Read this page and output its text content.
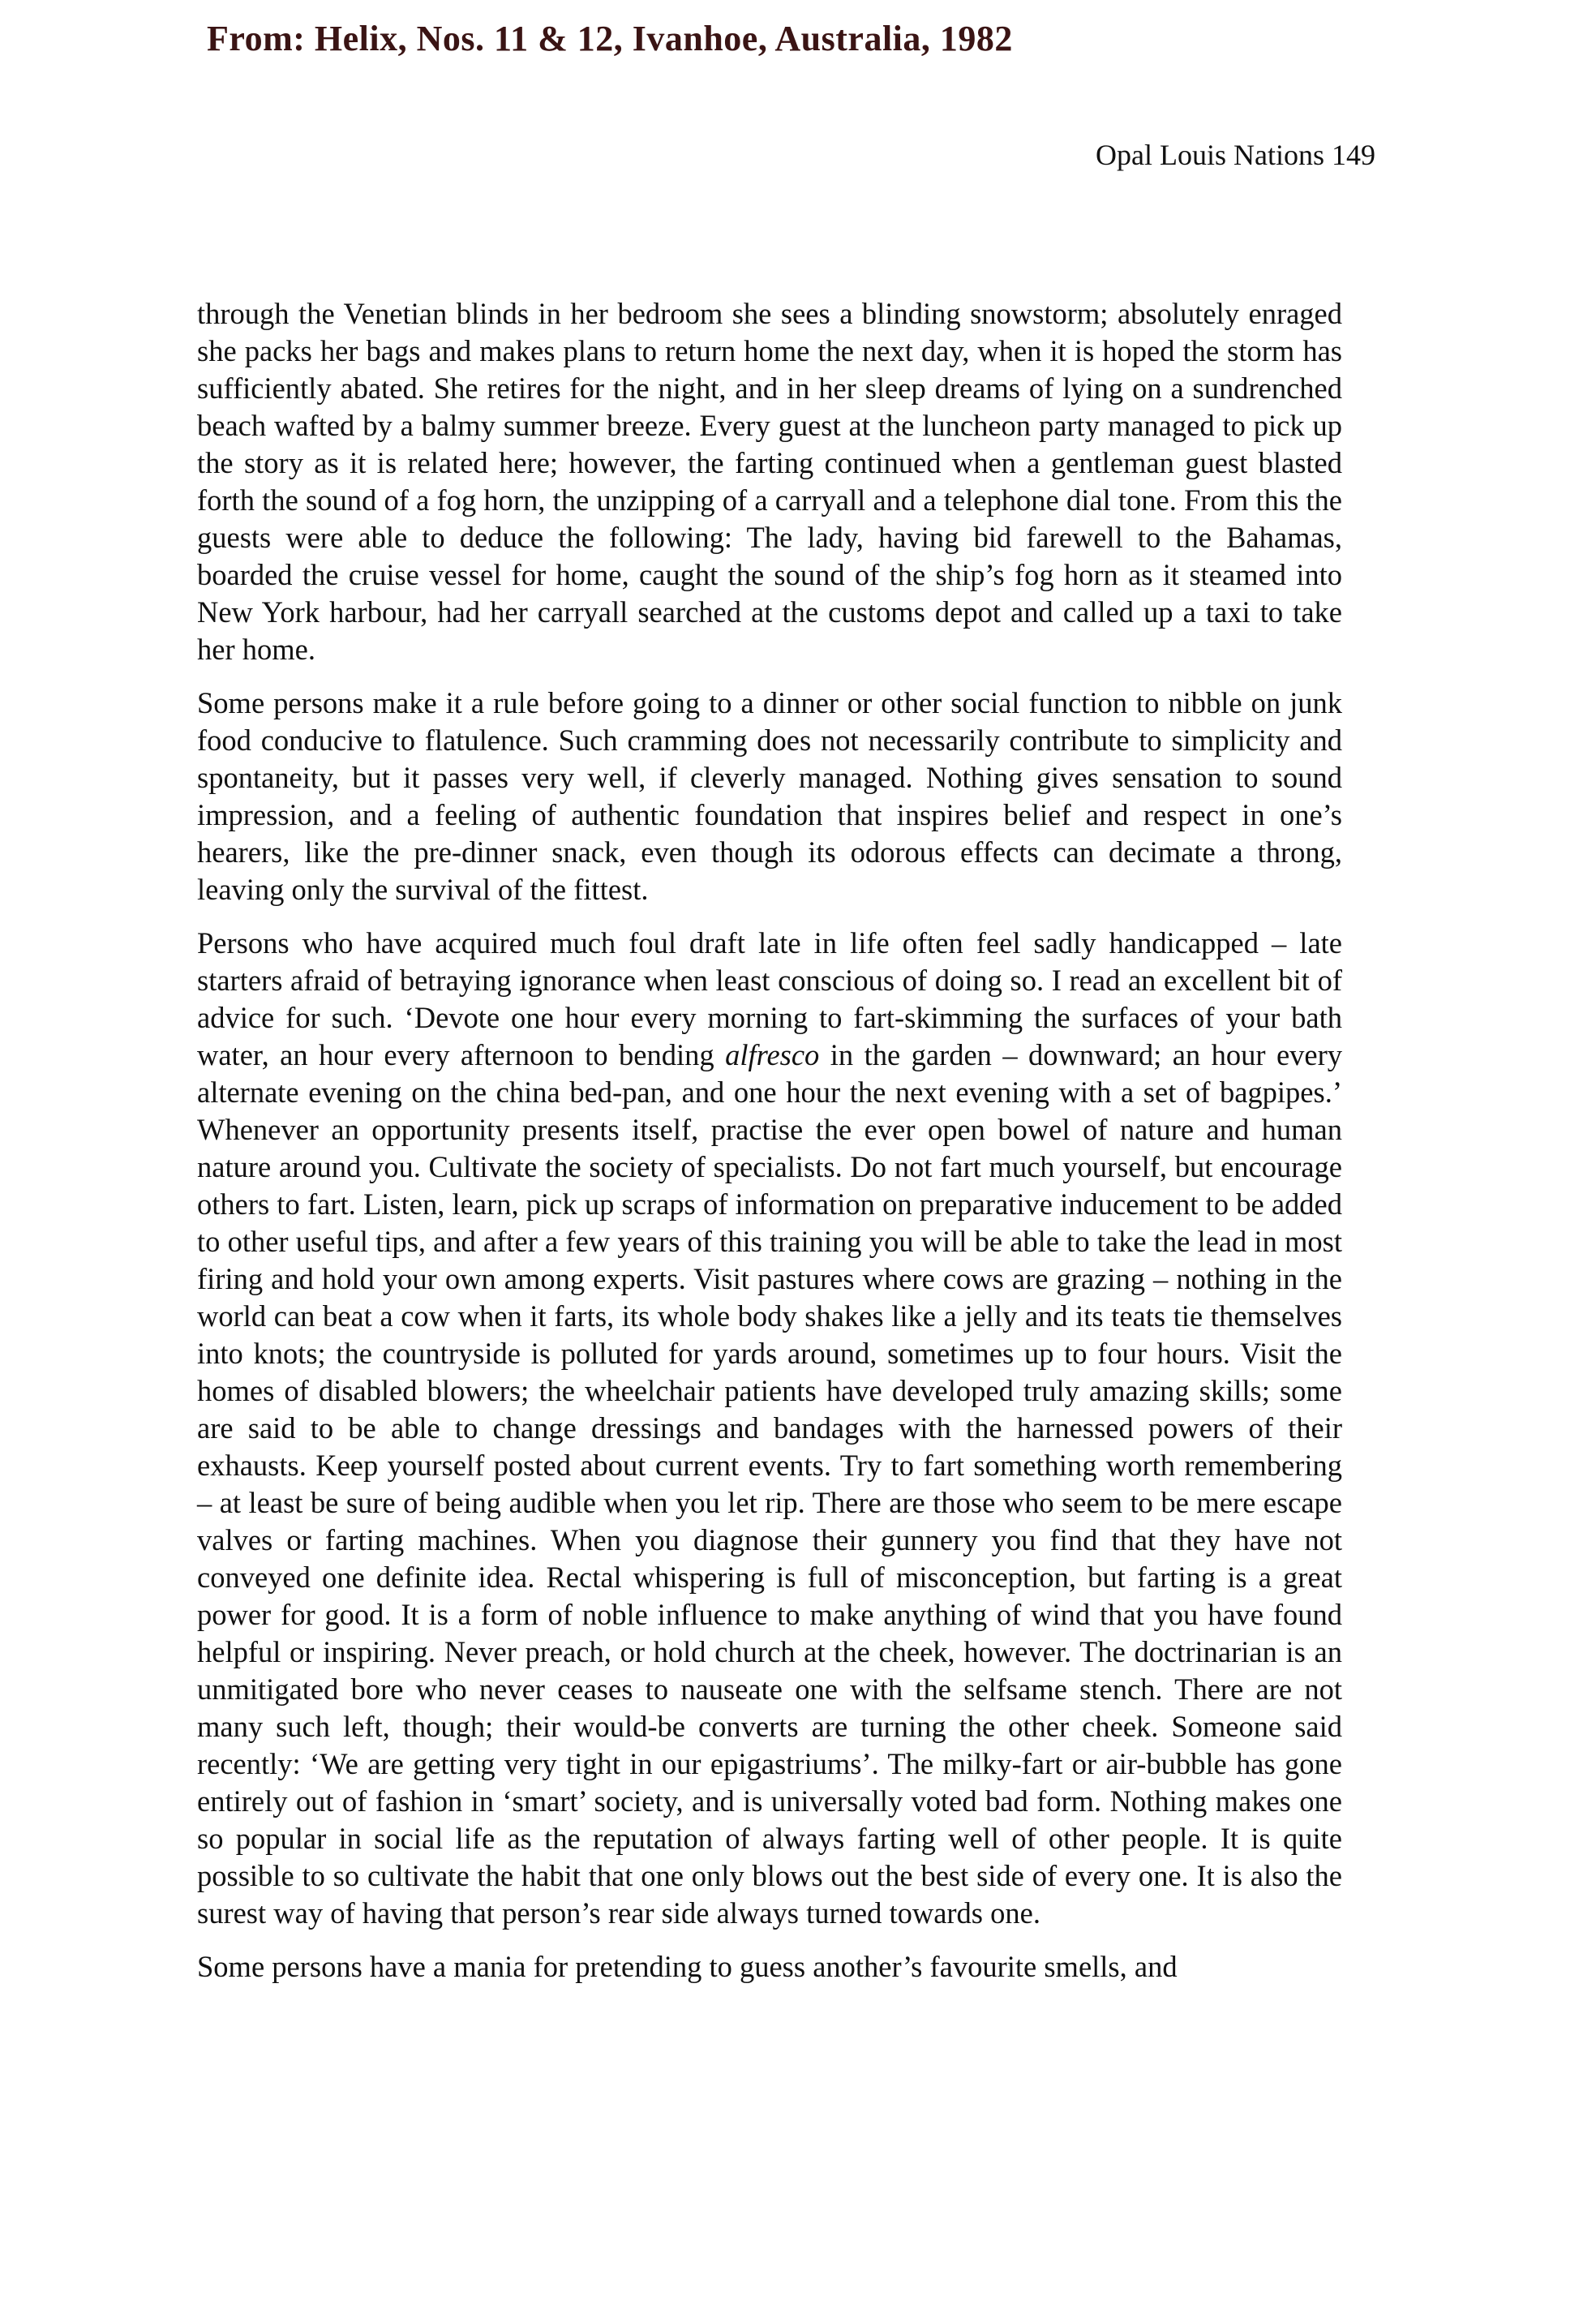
From: Helix, Nos. 11 & 12, Ivanhoe, Australia, 1982
Opal Louis Nations 149

through the Venetian blinds in her bedroom she sees a blinding snowstorm; absolutely enraged she packs her bags and makes plans to return home the next day, when it is hoped the storm has sufficiently abated. She retires for the night, and in her sleep dreams of lying on a sundrenched beach wafted by a balmy summer breeze. Every guest at the luncheon party managed to pick up the story as it is related here; however, the farting continued when a gentleman guest blasted forth the sound of a fog horn, the unzipping of a carryall and a telephone dial tone. From this the guests were able to deduce the following: The lady, having bid farewell to the Bahamas, boarded the cruise vessel for home, caught the sound of the ship’s fog horn as it steamed into New York harbour, had her carryall searched at the customs depot and called up a taxi to take her home.

Some persons make it a rule before going to a dinner or other social function to nibble on junk food conducive to flatulence. Such cramming does not necessarily contribute to simplicity and spontaneity, but it passes very well, if cleverly managed. Nothing gives sensation to sound impression, and a feeling of authentic foundation that inspires belief and respect in one’s hearers, like the pre-dinner snack, even though its odorous effects can decimate a throng, leaving only the survival of the fittest.

Persons who have acquired much foul draft late in life often feel sadly handicapped – late starters afraid of betraying ignorance when least conscious of doing so. I read an excellent bit of advice for such. ‘Devote one hour every morning to fart-skimming the surfaces of your bath water, an hour every afternoon to bending alfresco in the garden – downward; an hour every alternate evening on the china bed-pan, and one hour the next evening with a set of bagpipes.’ Whenever an opportunity presents itself, practise the ever open bowel of nature and human nature around you. Cultivate the society of specialists. Do not fart much yourself, but encourage others to fart. Listen, learn, pick up scraps of information on preparative inducement to be added to other useful tips, and after a few years of this training you will be able to take the lead in most firing and hold your own among experts. Visit pastures where cows are grazing – nothing in the world can beat a cow when it farts, its whole body shakes like a jelly and its teats tie themselves into knots; the countryside is polluted for yards around, sometimes up to four hours. Visit the homes of disabled blowers; the wheelchair patients have developed truly amazing skills; some are said to be able to change dressings and bandages with the harnessed powers of their exhausts. Keep yourself posted about current events. Try to fart something worth remembering – at least be sure of being audible when you let rip. There are those who seem to be mere escape valves or farting machines. When you diagnose their gunnery you find that they have not conveyed one definite idea. Rectal whispering is full of misconception, but farting is a great power for good. It is a form of noble influence to make anything of wind that you have found helpful or inspiring. Never preach, or hold church at the cheek, however. The doctrinarian is an unmitigated bore who never ceases to nauseate one with the selfsame stench. There are not many such left, though; their would-be converts are turning the other cheek. Someone said recently: ‘We are getting very tight in our epigastriums’. The milky-fart or air-bubble has gone entirely out of fashion in ‘smart’ society, and is universally voted bad form. Nothing makes one so popular in social life as the reputation of always farting well of other people. It is quite possible to so cultivate the habit that one only blows out the best side of every one. It is also the surest way of having that person’s rear side always turned towards one.

Some persons have a mania for pretending to guess another’s favourite smells, and
